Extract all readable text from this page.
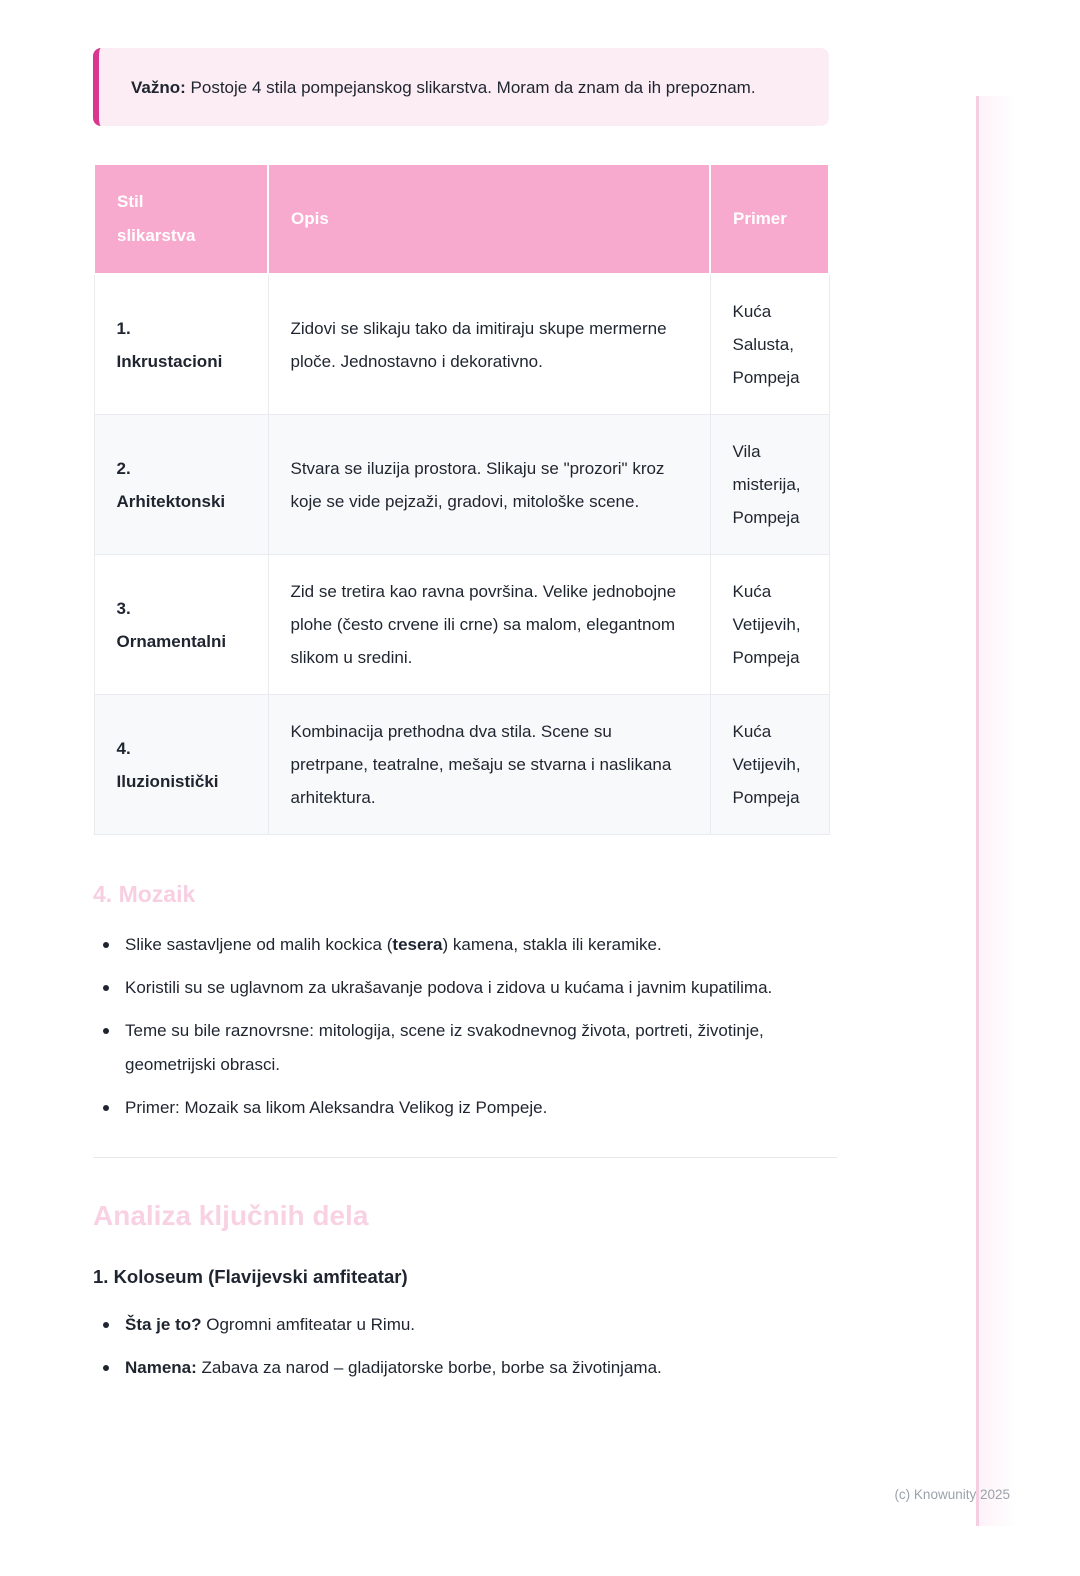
Važno: Postoje 4 stila pompejanskog slikarstva. Moram da znam da ih prepoznam.
Stil slikarstva	Opis	Primer

1.
Inkrustacioni	Zidovi se slikaju tako da imitiraju skupe mermerne ploče. Jednostavno i dekorativno.	Kuća Salusta, Pompeja

2.
Arhitektonski	Stvara se iluzija prostora. Slikaju se "prozori" kroz koje se vide pejzaži, gradovi, mitološke scene.	Vila misterija, Pompeja

3.
Ornamentalni	Zid se tretira kao ravna površina. Velike jednobojne plohe (često crvene ili crne) sa malom, elegantnom slikom u sredini.	Kuća Vetijevih, Pompeja

4.
Iluzionistički	Kombinacija prethodna dva stila. Scene su pretrpane, teatralne, mešaju se stvarna i naslikana arhitektura.	Kuća Vetijevih, Pompeja
4. Mozaik
Slike sastavljene od malih kockica (tesera) kamena, stakla ili keramike.
Koristili su se uglavnom za ukrašavanje podova i zidova u kućama i javnim kupatilima.
Teme su bile raznovrsne: mitologija, scene iz svakodnevnog života, portreti, životinje, geometrijski obrasci.
Primer: Mozaik sa likom Aleksandra Velikog iz Pompeje.
Analiza ključnih dela
1. Koloseum (Flavijevski amfiteatar)
Šta je to? Ogromni amfiteatar u Rimu.
Namena: Zabava za narod – gladijatorske borbe, borbe sa životinjama.
(c) Knowunity 2025
